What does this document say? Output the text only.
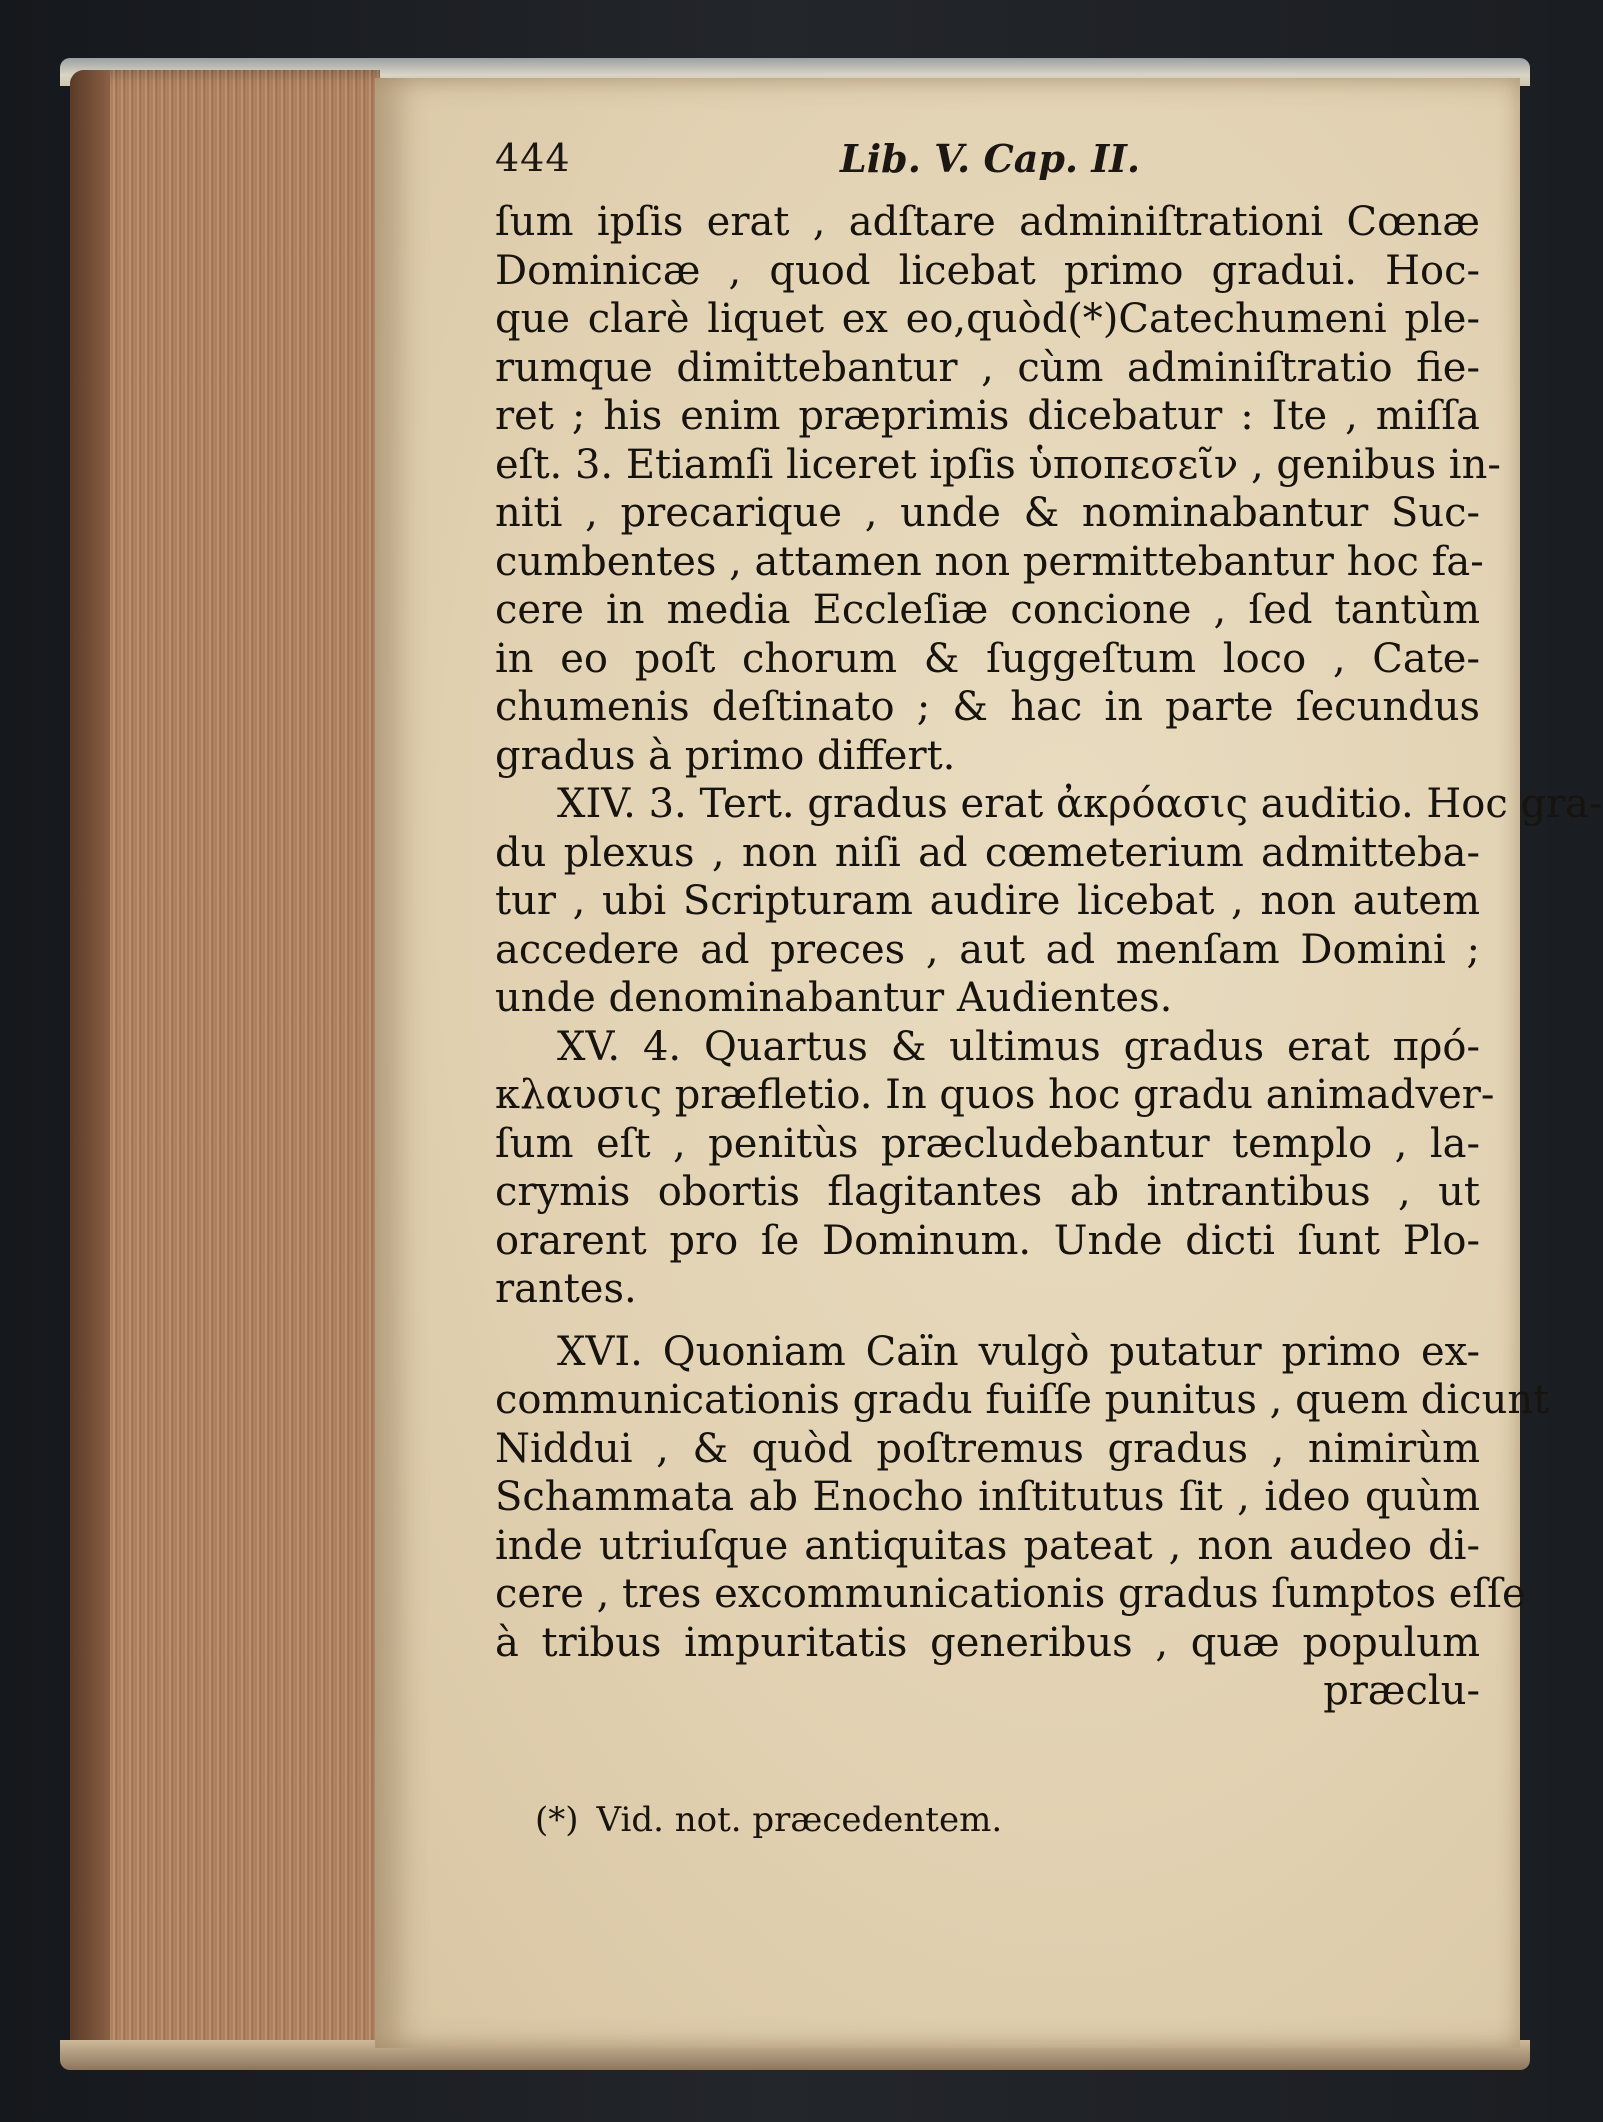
444	Lib. V. Cap. II.
ſum ipſis erat , adſtare adminiſtrationi Cœnæ
Dominicæ , quod licebat primo gradui. Hoc-
que clarè liquet ex eo,quòd(*)Catechumeni ple-
rumque dimittebantur , cùm adminiſtratio fie-
ret ; his enim præprimis dicebatur : Ite , miſſa
eſt. 3. Etiamſi liceret ipſis ὑποπεσεῖν , genibus in-
niti , precarique , unde & nominabantur Suc-
cumbentes , attamen non permittebantur hoc fa-
cere in media Eccleſiæ concione , ſed tantùm
in eo poſt chorum & ſuggeſtum loco , Cate-
chumenis deſtinato ; & hac in parte ſecundus
gradus à primo differt.
XIV. 3. Tert. gradus erat ἀκρόασις auditio. Hoc gra-
du plexus , non niſi ad cœmeterium admitteba-
tur , ubi Scripturam audire licebat , non autem
accedere ad preces , aut ad menſam Domini ;
unde denominabantur Audientes.
XV. 4. Quartus & ultimus gradus erat πρό-
κλαυσις præfletio. In quos hoc gradu animadver-
ſum eſt , penitùs præcludebantur templo , la-
crymis obortis flagitantes ab intrantibus , ut
orarent pro ſe Dominum. Unde dicti ſunt Plo-
rantes.
XVI. Quoniam Caïn vulgò putatur primo ex-
communicationis gradu fuiſſe punitus , quem dicunt
Niddui , & quòd poſtremus gradus , nimirùm
Schammata ab Enocho inſtitutus ſit , ideo quùm
inde utriuſque antiquitas pateat , non audeo di-
cere , tres excommunicationis gradus ſumptos eſſe
à tribus impuritatis generibus , quæ populum
præclu-
(*) Vid. not. præcedentem.
